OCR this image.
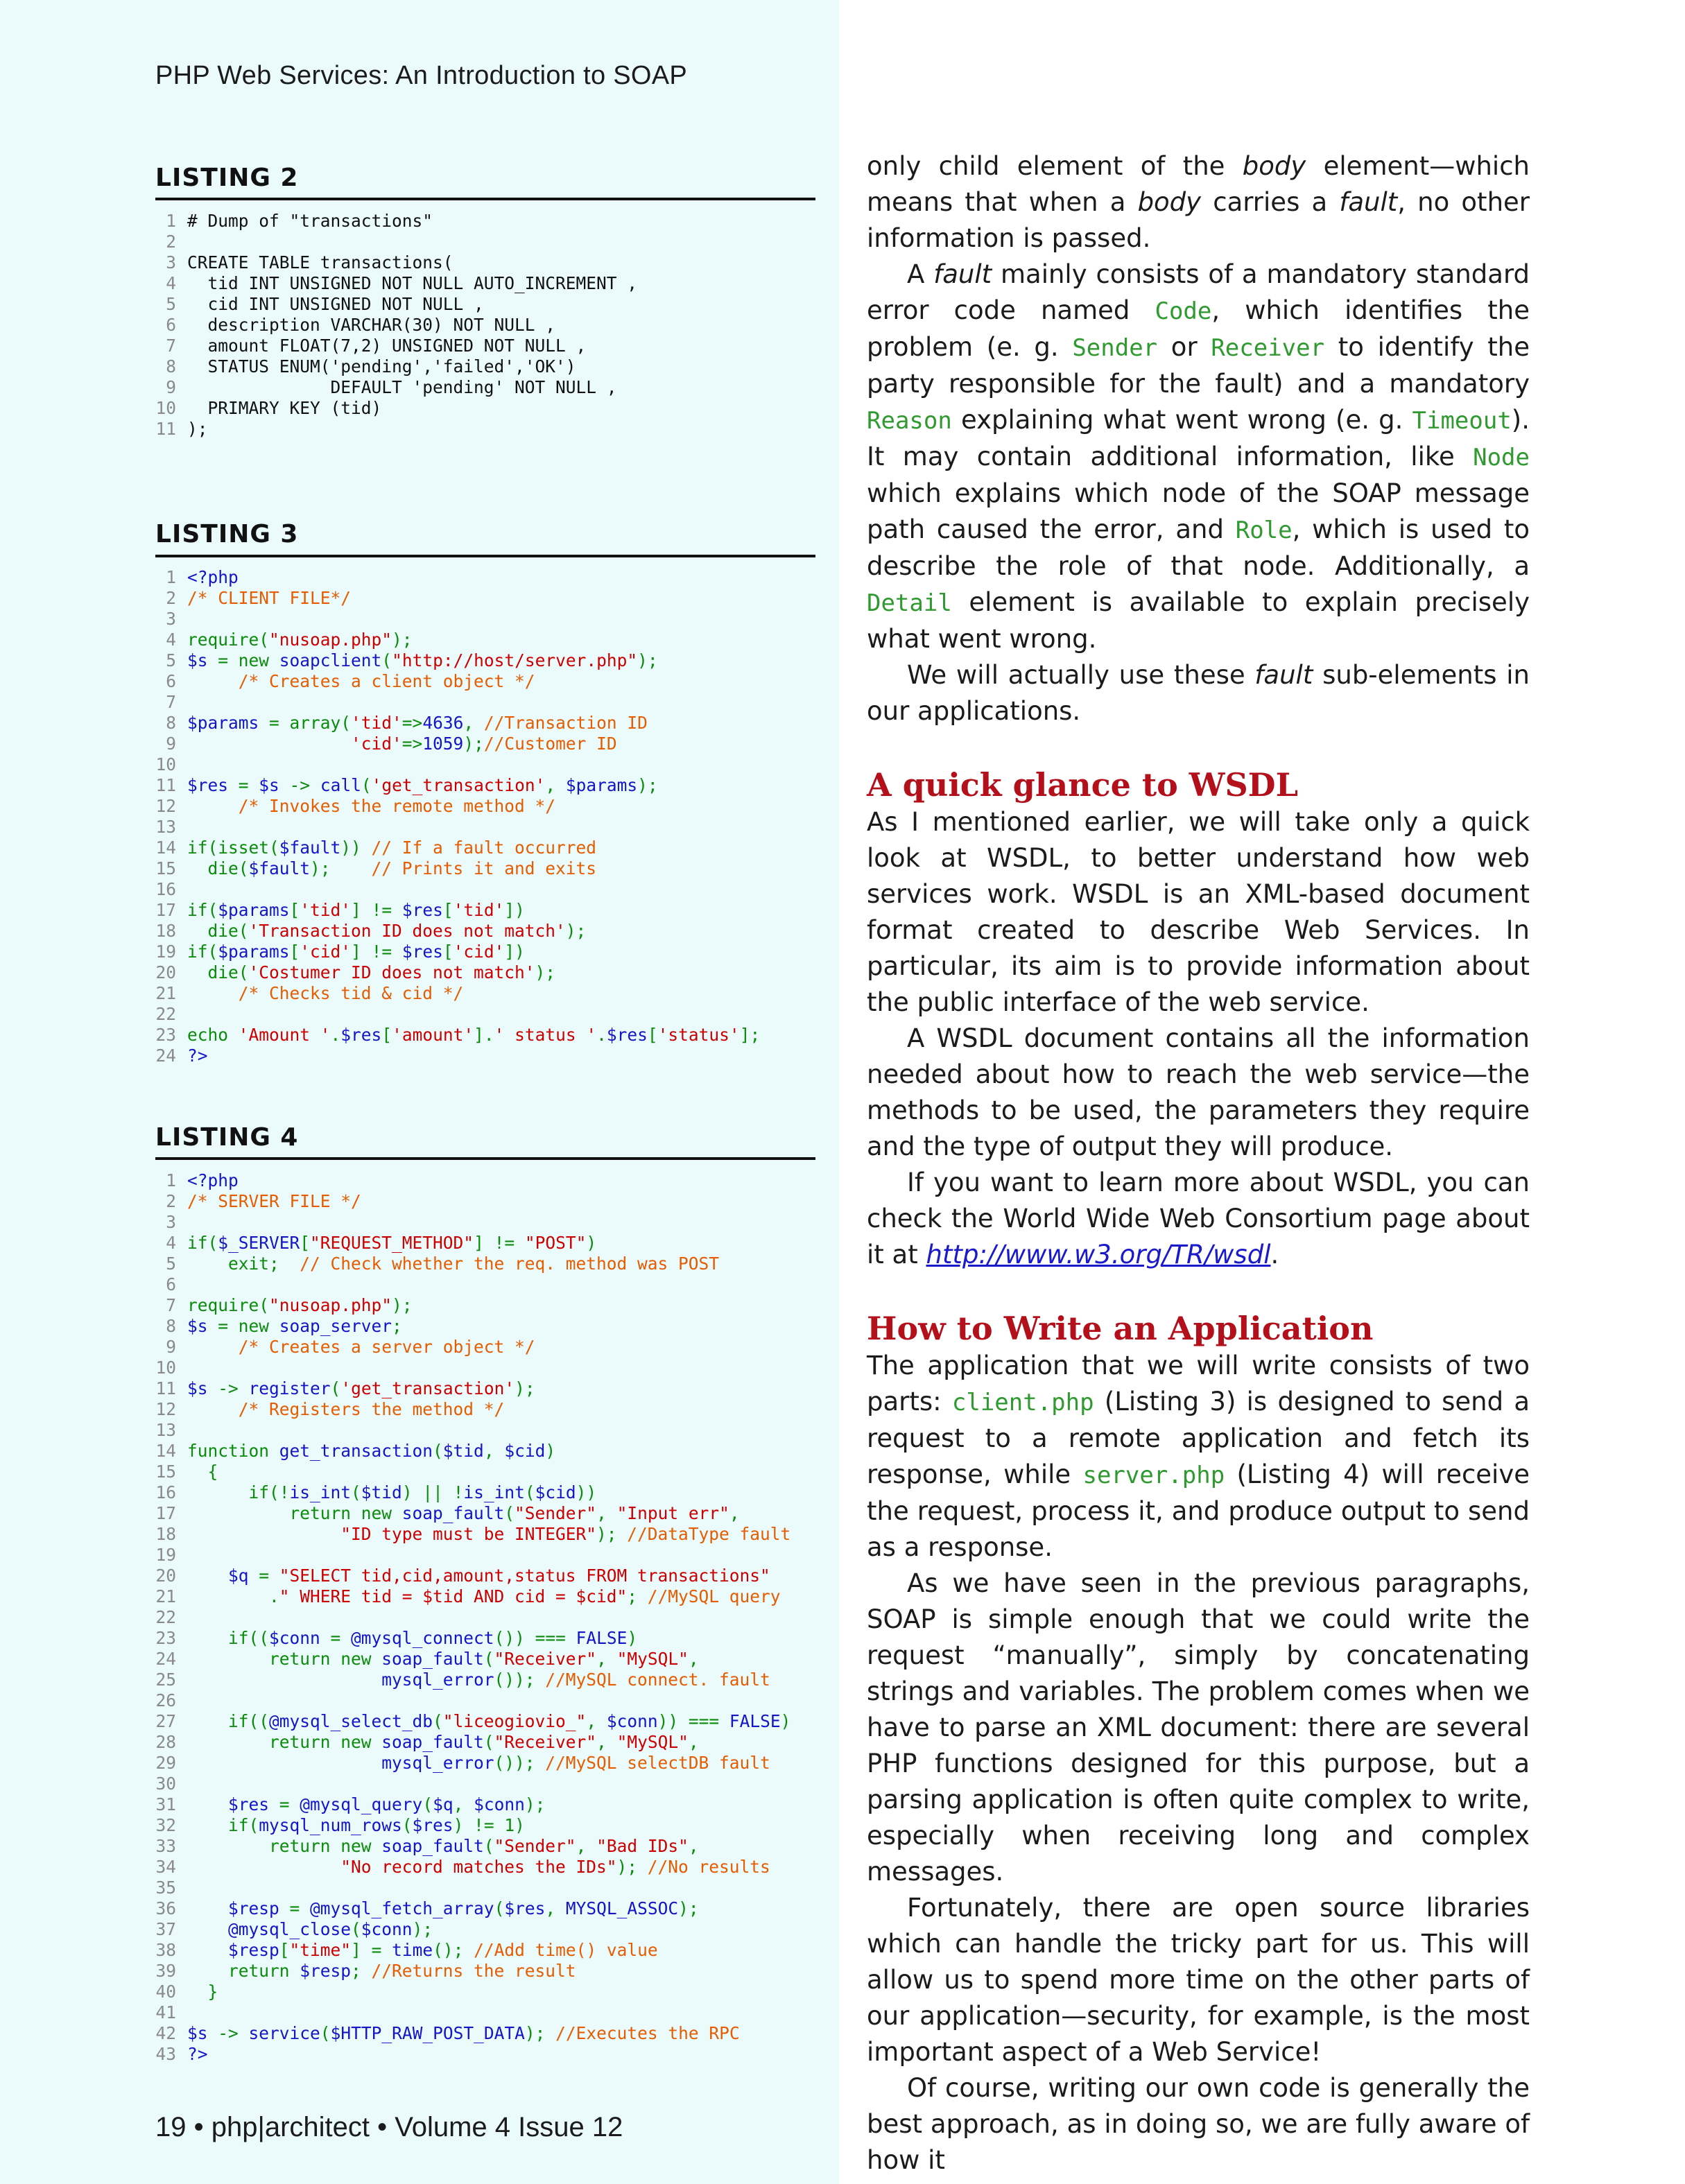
PHP Web Services: An Introduction to SOAP
LISTING 2
1 # Dump of "transactions"
2
3 CREATE TABLE transactions(
4  tid INT UNSIGNED NOT NULL AUTO_INCREMENT ,
5  cid INT UNSIGNED NOT NULL ,
6  description VARCHAR(30) NOT NULL ,
7  amount FLOAT(7,2) UNSIGNED NOT NULL ,
8  STATUS ENUM('pending','failed','OK')
9              DEFAULT 'pending' NOT NULL ,
10  PRIMARY KEY (tid)
11 );
LISTING 3
1 <?php
2 /* CLIENT FILE*/
3
4 require("nusoap.php");
5 $s = new soapclient("http://host/server.php");
6     /* Creates a client object */
7
8 $params = array('tid'=>4636, //Transaction ID
9	'cid'=>1059);//Customer ID
10
11 $res = $s -> call('get_transaction', $params);
12     /* Invokes the remote method */
13
14 if(isset($fault)) // If a fault occurred
15  die($fault);    // Prints it and exits
16
17 if($params['tid'] != $res['tid'])
18  die('Transaction ID does not match');
19 if($params['cid'] != $res['cid'])
20  die('Costumer ID does not match');
21     /* Checks tid & cid */
22
23 echo 'Amount '.$res['amount'].' status '.$res['status'];
24 ?>
LISTING 4
1 <?php
2 /* SERVER FILE */
3
4 if($_SERVER["REQUEST_METHOD"] != "POST")
5    exit;  // Check whether the req. method was POST
6
7 require("nusoap.php");
8 $s = new soap_server;
9     /* Creates a server object */
10
11 $s -> register('get_transaction');
12     /* Registers the method */
13
14 function get_transaction($tid, $cid)
15  {
16      if(!is_int($tid) || !is_int($cid))
17          return new soap_fault("Sender", "Input err",
18	"ID type must be INTEGER"); //DataType fault
19
20	$q = "SELECT tid,cid,amount,status FROM transactions"
21        ." WHERE tid = $tid AND cid = $cid"; //MySQL query
22
23    if(($conn = @mysql_connect()) === FALSE)
24        return new soap_fault("Receiver", "MySQL",
25	mysql_error()); //MySQL connect. fault
26
27    if((@mysql_select_db("liceogiovio_", $conn)) === FALSE)
28        return new soap_fault("Receiver", "MySQL",
29	mysql_error()); //MySQL selectDB fault
30
31	$res = @mysql_query($q, $conn);
32    if(mysql_num_rows($res) != 1)
33        return new soap_fault("Sender", "Bad IDs",
34	"No record matches the IDs"); //No results
35
36	$resp = @mysql_fetch_array($res, MYSQL_ASSOC);
37	@mysql_close($conn);
38	$resp["time"] = time(); //Add time() value
39    return $resp; //Returns the result
40  }
41
42 $s -> service($HTTP_RAW_POST_DATA); //Executes the RPC
43 ?>

only child element of the body element—which means that when a body carries a fault, no other information is passed.

A fault mainly consists of a mandatory standard error code named Code, which identifies the problem (e. g. Sender or Receiver to identify the party responsible for the fault) and a mandatory Reason explaining what went wrong (e. g. Timeout). It may contain additional information, like Node which explains which node of the SOAP message path caused the error, and Role, which is used to describe the role of that node. Additionally, a Detail element is available to explain precisely what went wrong.

We will actually use these fault sub-elements in our applications.

A quick glance to WSDL

As I mentioned earlier, we will take only a quick look at WSDL, to better understand how web services work. WSDL is an XML-based document format created to describe Web Services. In particular, its aim is to provide information about the public interface of the web service.

A WSDL document contains all the information needed about how to reach the web service—the methods to be used, the parameters they require and the type of output they will produce.

If you want to learn more about WSDL, you can check the World Wide Web Consortium page about it at http://www.w3.org/TR/wsdl.

How to Write an Application

The application that we will write consists of two parts: client.php (Listing 3) is designed to send a request to a remote application and fetch its response, while server.php (Listing 4) will receive the request, process it, and produce output to send as a response.

As we have seen in the previous paragraphs, SOAP is simple enough that we could write the request “manually”, simply by concatenating strings and variables. The problem comes when we have to parse an XML document: there are several PHP functions designed for this purpose, but a parsing application is often quite complex to write, especially when receiving long and complex messages.

Fortunately, there are open source libraries which can handle the tricky part for us. This will allow us to spend more time on the other parts of our application—security, for example, is the most important aspect of a Web Service!

Of course, writing our own code is generally the best approach, as in doing so, we are fully aware of how it

19 • php|architect • Volume 4 Issue 12
